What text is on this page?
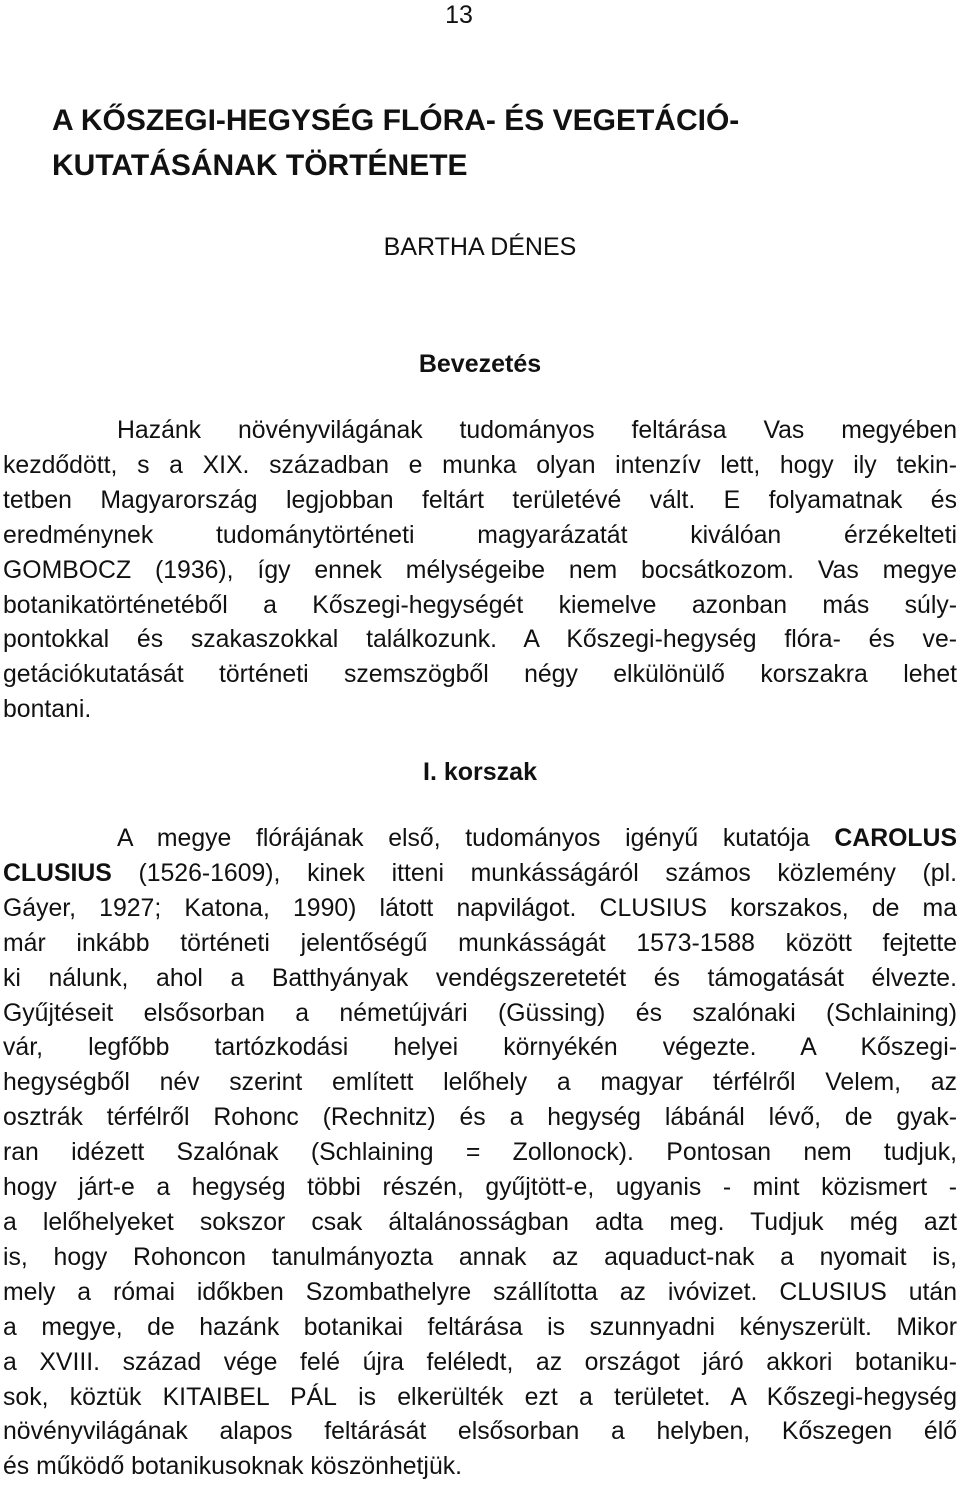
13
A KŐSZEGI-HEGYSÉG FLÓRA- ÉS VEGETÁCIÓ-
KUTATÁSÁNAK TÖRTÉNETE
BARTHA DÉNES
Bevezetés

Hazánk növényvilágának tudományos feltárása Vas megyében
kezdődött, s a XIX. században e munka olyan intenzív lett, hogy ily tekin-
tetben Magyarország legjobban feltárt területévé vált. E folyamatnak és
eredménynek tudománytörténeti magyarázatát kiválóan érzékelteti
GOMBOCZ (1936), így ennek mélységeibe nem bocsátkozom. Vas megye
botanikatörténetéből a Kőszegi-hegységét kiemelve azonban más súly-
pontokkal és szakaszokkal találkozunk. A Kőszegi-hegység flóra- és ve-
getációkutatását történeti szemszögből négy elkülönülő korszakra lehet
bontani.

I. korszak

A megye flórájának első, tudományos igényű kutatója CAROLUS
CLUSIUS (1526-1609), kinek itteni munkásságáról számos közlemény (pl.
Gáyer, 1927; Katona, 1990) látott napvilágot. CLUSIUS korszakos, de ma
már inkább történeti jelentőségű munkásságát 1573-1588 között fejtette
ki nálunk, ahol a Batthyányak vendégszeretetét és támogatását élvezte.
Gyűjtéseit elsősorban a németújvári (Güssing) és szalónaki (Schlaining)
vár, legfőbb tartózkodási helyei környékén végezte. A Kőszegi-
hegységből név szerint említett lelőhely a magyar térfélről Velem, az
osztrák térfélről Rohonc (Rechnitz) és a hegység lábánál lévő, de gyak-
ran idézett Szalónak (Schlaining = Zollonock). Pontosan nem tudjuk,
hogy járt-e a hegység többi részén, gyűjtött-e, ugyanis - mint közismert -
a lelőhelyeket sokszor csak általánosságban adta meg. Tudjuk még azt
is, hogy Rohoncon tanulmányozta annak az aquaduct-nak a nyomait is,
mely a római időkben Szombathelyre szállította az ivóvizet. CLUSIUS után
a megye, de hazánk botanikai feltárása is szunnyadni kényszerült. Mikor
a XVIII. század vége felé újra feléledt, az országot járó akkori botaniku-
sok, köztük KITAIBEL PÁL is elkerülték ezt a területet. A Kőszegi-hegység
növényvilágának alapos feltárását elsősorban a helyben, Kőszegen élő
és működő botanikusoknak köszönhetjük.
